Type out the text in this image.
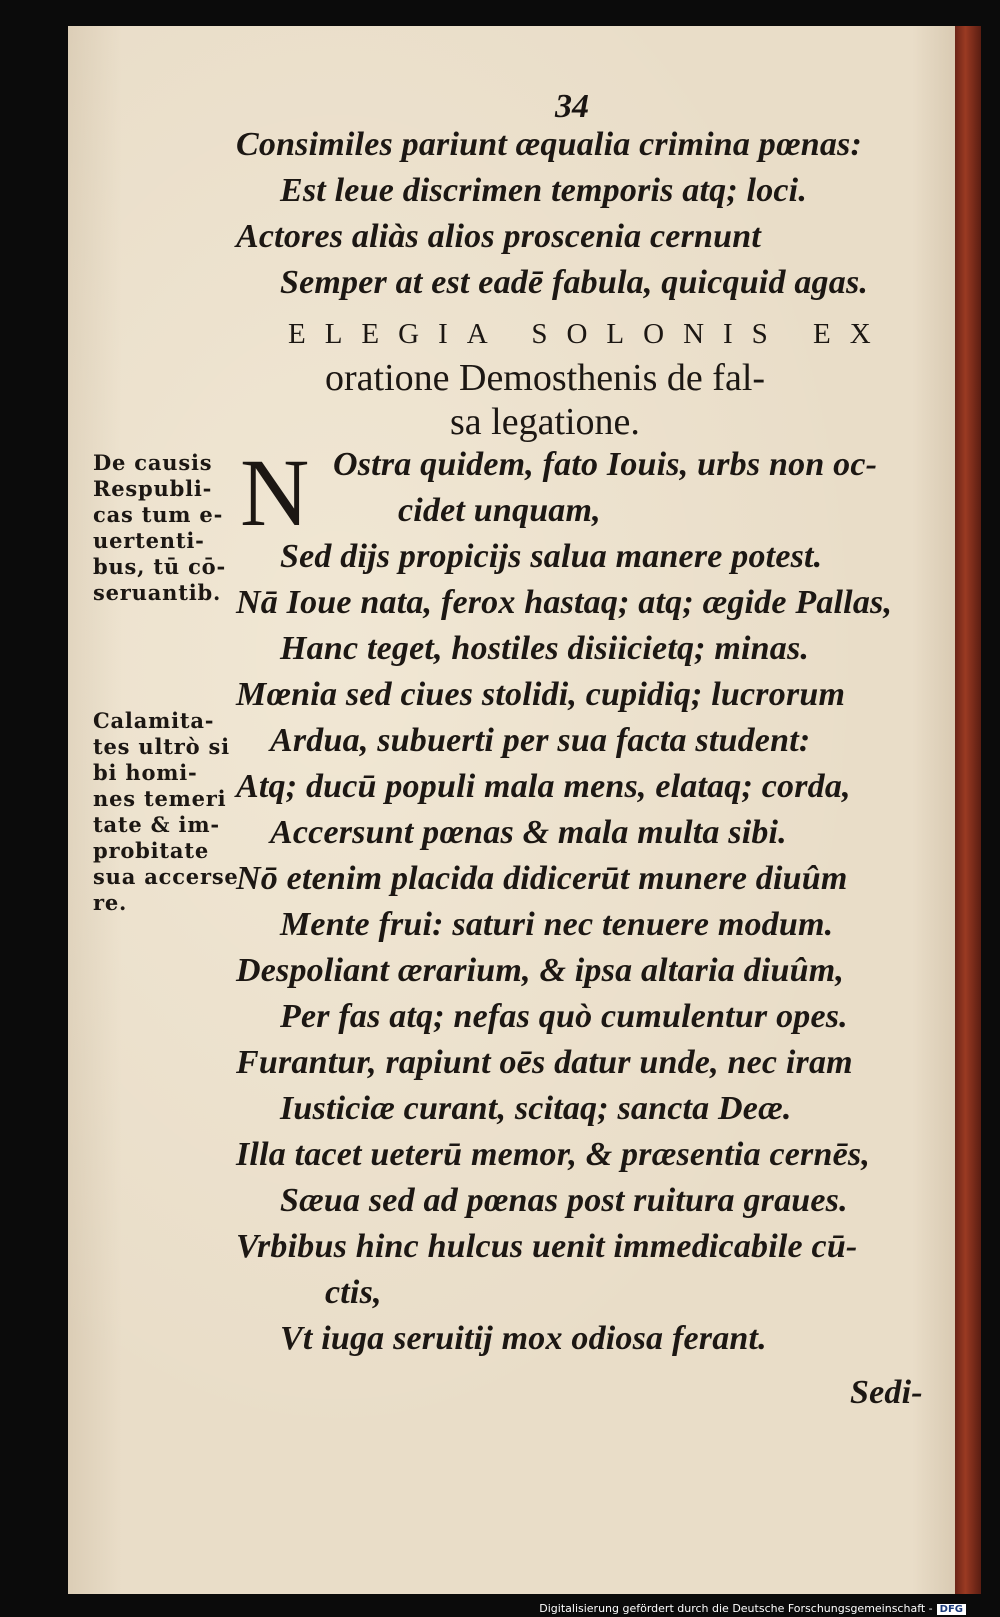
34
Consimiles pariunt æqualia crimina pœnas:
Est leue discrimen temporis atq; loci.
Actores aliàs alios proscenia cernunt
Semper at est eadē fabula, quicquid agas.
ELEGIA SOLONIS EX
oratione Demosthenis de fal-
sa legatione.
N Ostra quidem, fato Iouis, urbs non oc-
cidet unquam,
Sed dijs propicijs salua manere potest.
Nā Ioue nata, ferox hastaq; atq; ægide Pallas,
Hanc teget, hostiles disiicietq; minas.
Mœnia sed ciues stolidi, cupidiq; lucrorum
Ardua, subuerti per sua facta student:
Atq; ducū populi mala mens, elataq; corda,
Accersunt pœnas & mala multa sibi.
Nō etenim placida didicerūt munere diuûm
Mente frui: saturi nec tenuere modum.
Despoliant ærarium, & ipsa altaria diuûm,
Per fas atq; nefas quò cumulentur opes.
Furantur, rapiunt oēs datur unde, nec iram
Iusticiæ curant, scitaq; sancta Deæ.
Illa tacet ueterū memor, & præsentia cernēs,
Sæua sed ad pœnas post ruitura graues.
Vrbibus hinc hulcus uenit immedicabile cū-
ctis,
Vt iuga seruitij mox odiosa ferant.
Sedi-
De causis
Respubli-
cas tum e-
uertenti-
bus, tū cō-
seruantib.
Calamita-
tes ultrò si
bi homi-
nes temeri
tate & im-
probitate
sua accerse
re.
Digitalisierung gefördert durch die Deutsche Forschungsgemeinschaft - DFG
